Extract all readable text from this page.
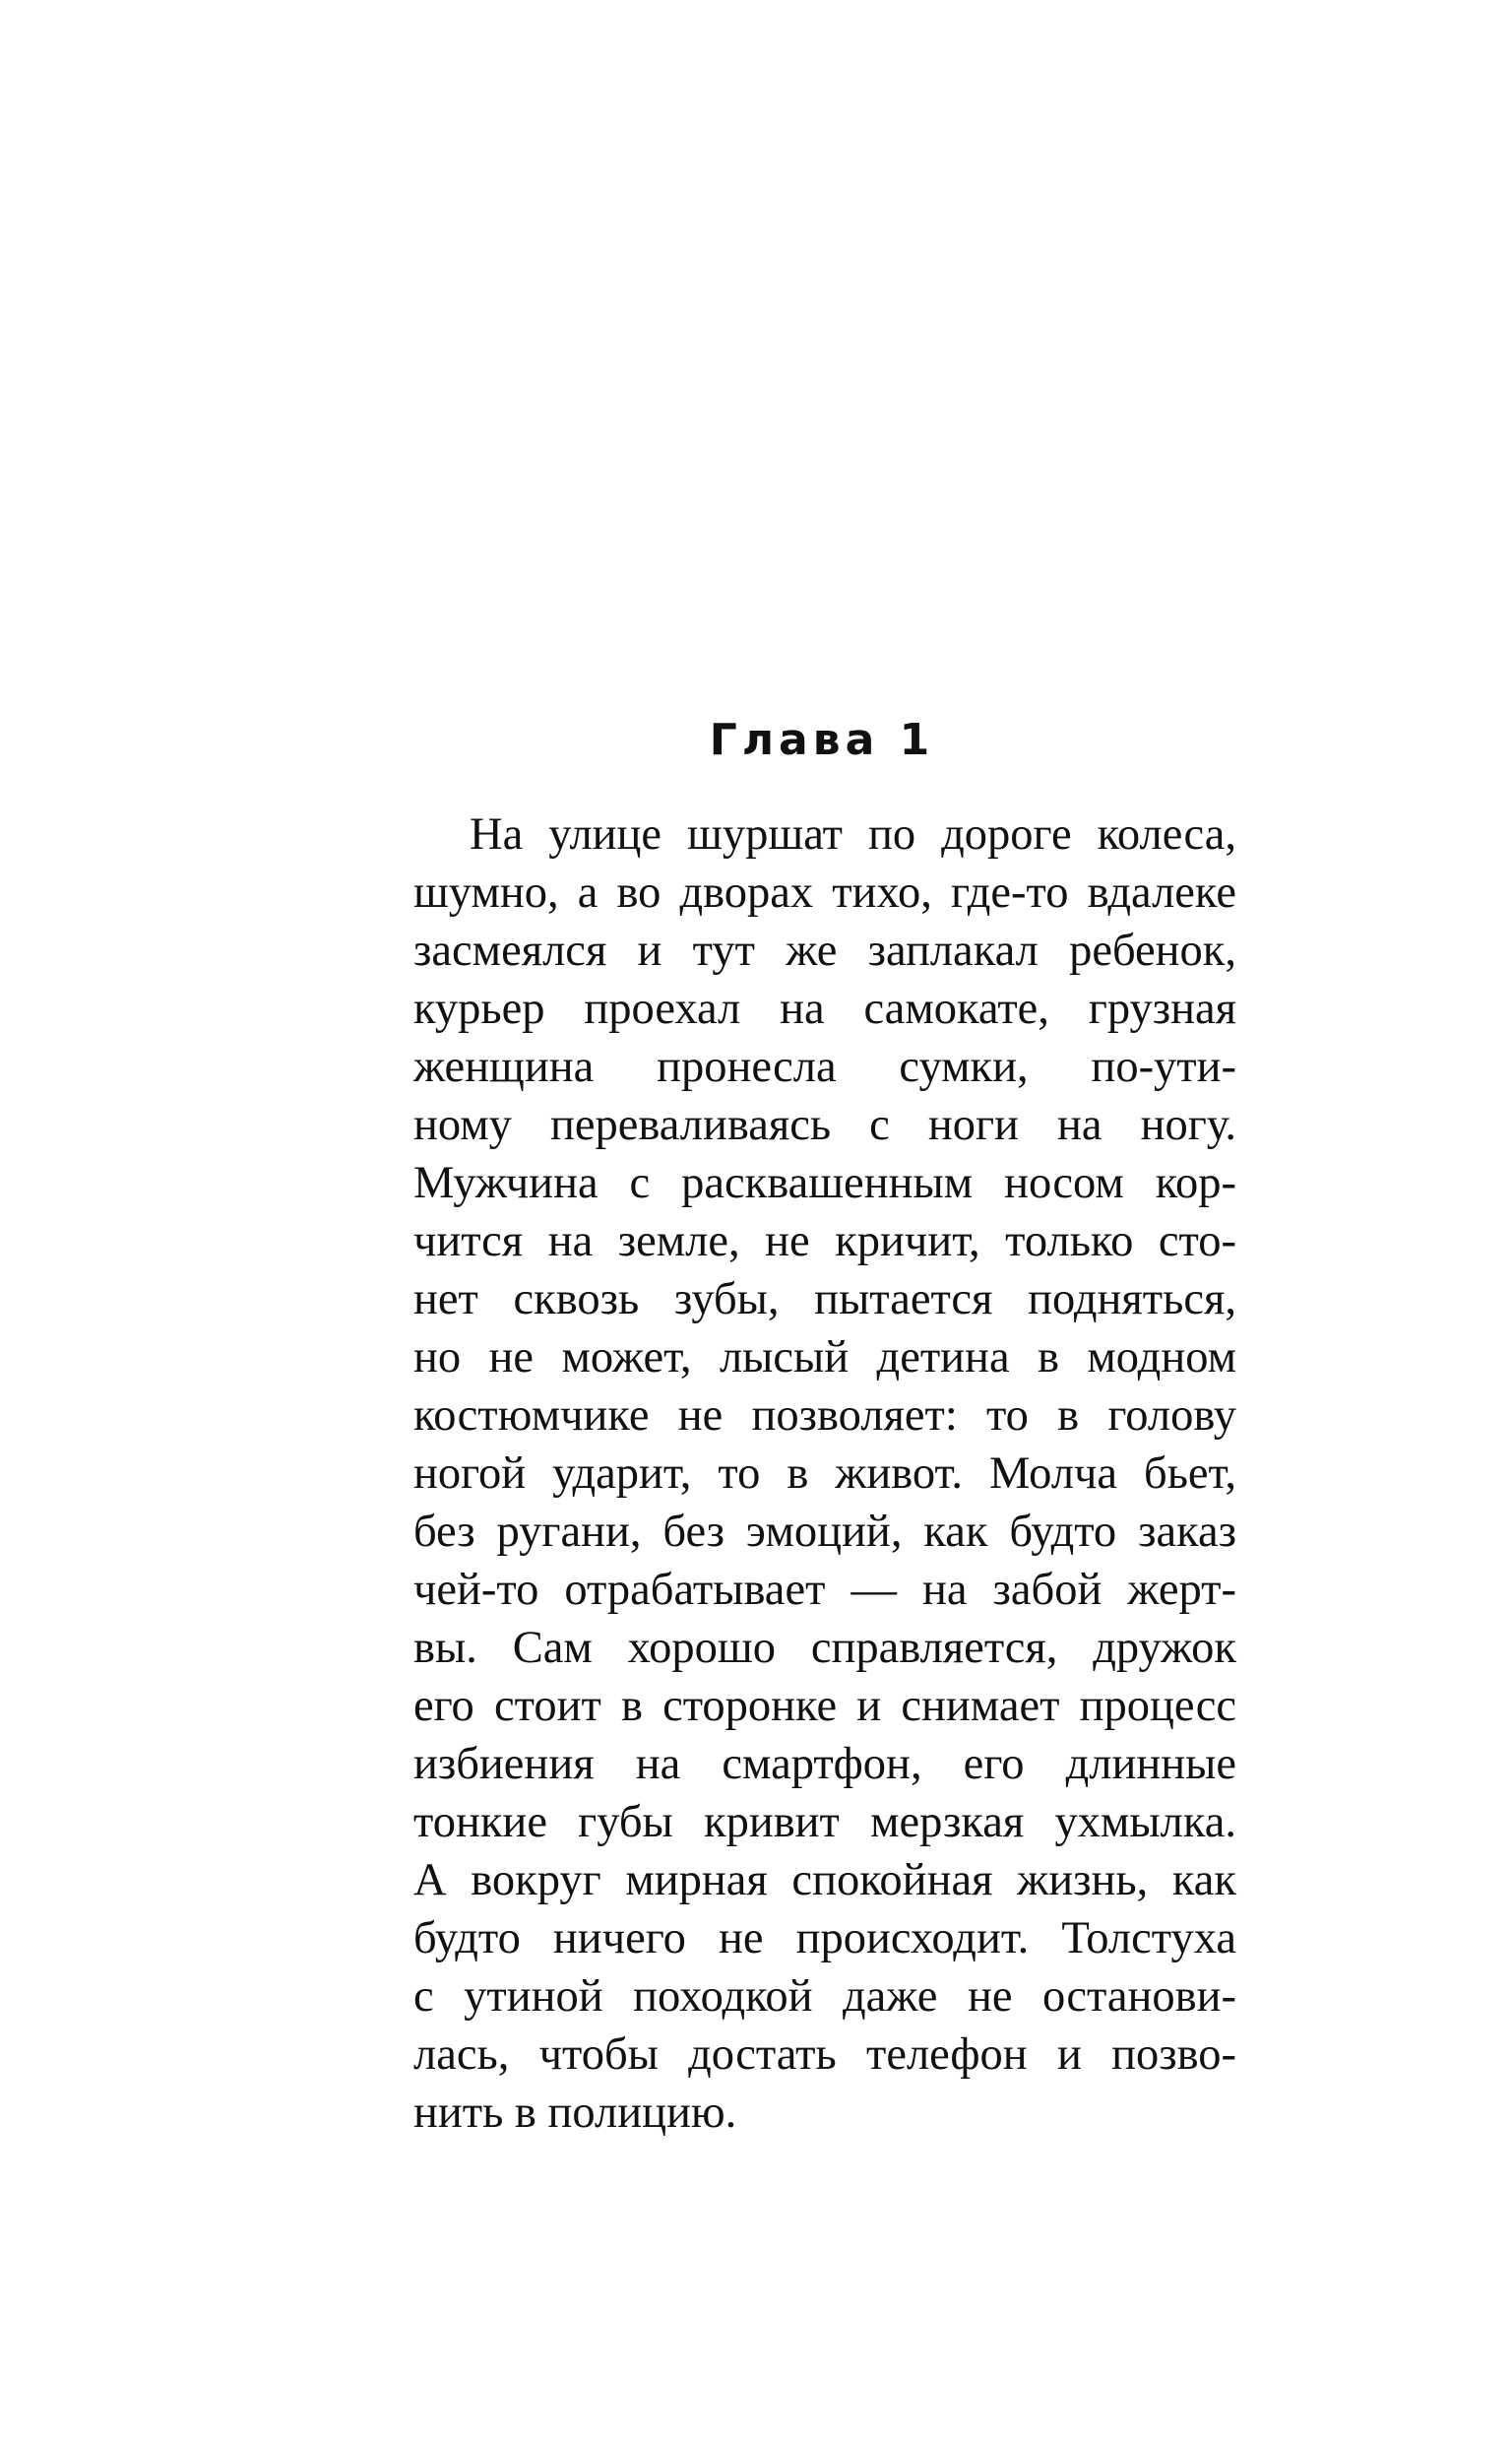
Глава 1
На улице шуршат по дороге колеса,
шумно, а во дворах тихо, где-то вдалеке
засмеялся и тут же заплакал ребенок,
курьер проехал на самокате, грузная
женщина пронесла сумки, по-ути-
ному переваливаясь с ноги на ногу.
Мужчина с расквашенным носом кор-
чится на земле, не кричит, только сто-
нет сквозь зубы, пытается подняться,
но не может, лысый детина в модном
костюмчике не позволяет: то в голову
ногой ударит, то в живот. Молча бьет,
без ругани, без эмоций, как будто заказ
чей-то отрабатывает — на забой жерт-
вы. Сам хорошо справляется, дружок
его стоит в сторонке и снимает процесс
избиения на смартфон, его длинные
тонкие губы кривит мерзкая ухмылка.
А вокруг мирная спокойная жизнь, как
будто ничего не происходит. Толстуха
с утиной походкой даже не останови-
лась, чтобы достать телефон и позво-
нить в полицию.
